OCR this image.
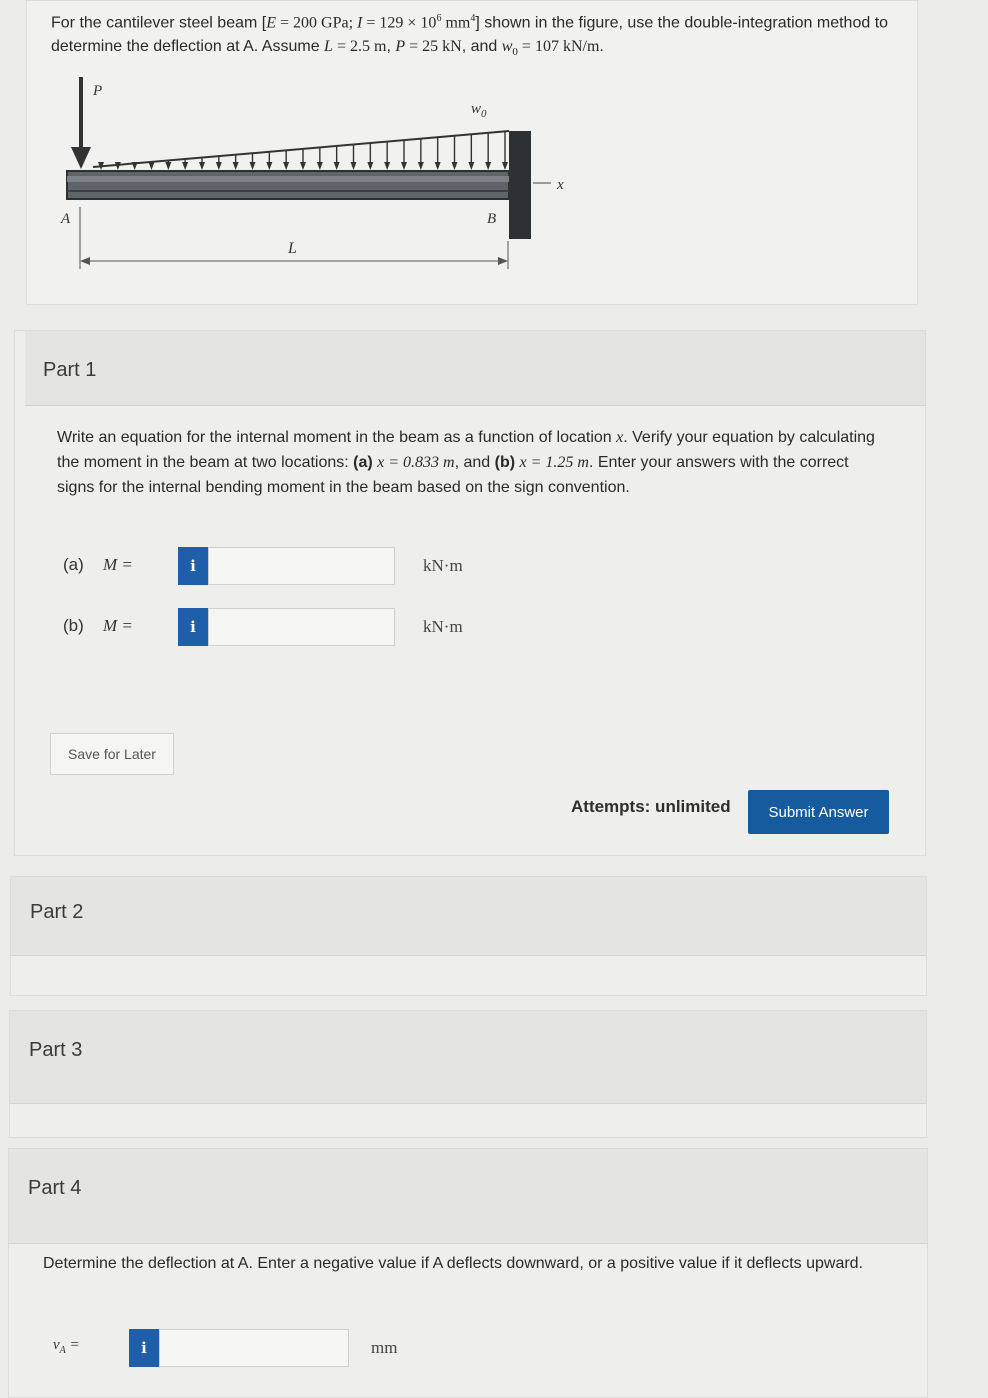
For the cantilever steel beam [E = 200 GPa; $I = 129 \times 10^6$ $mm^4$] shown in the figure, use the double-integration method to determine the deflection at A. Assume L = 2.5 m, P = 25 kN, and $w_0 = 107$ kN/m.
P
$w_0$
x
A	B
L
Part 1
Write an equation for the internal moment in the beam as a function of location x. Verify your equation by calculating the moment in the beam at two locations: (a) x = 0.833 m, and (b) x = 1.25 m. Enter your answers with the correct signs for the internal bending moment in the beam based on the sign convention.
(a) M =	i	kN·m
(b) M =	i	kN·m
Save for Later
Attempts: unlimited	Submit Answer
Part 2
Part 3
Part 4
Determine the deflection at A. Enter a negative value if A deflects downward, or a positive value if it deflects upward.
$v_A$ =	i	mm
